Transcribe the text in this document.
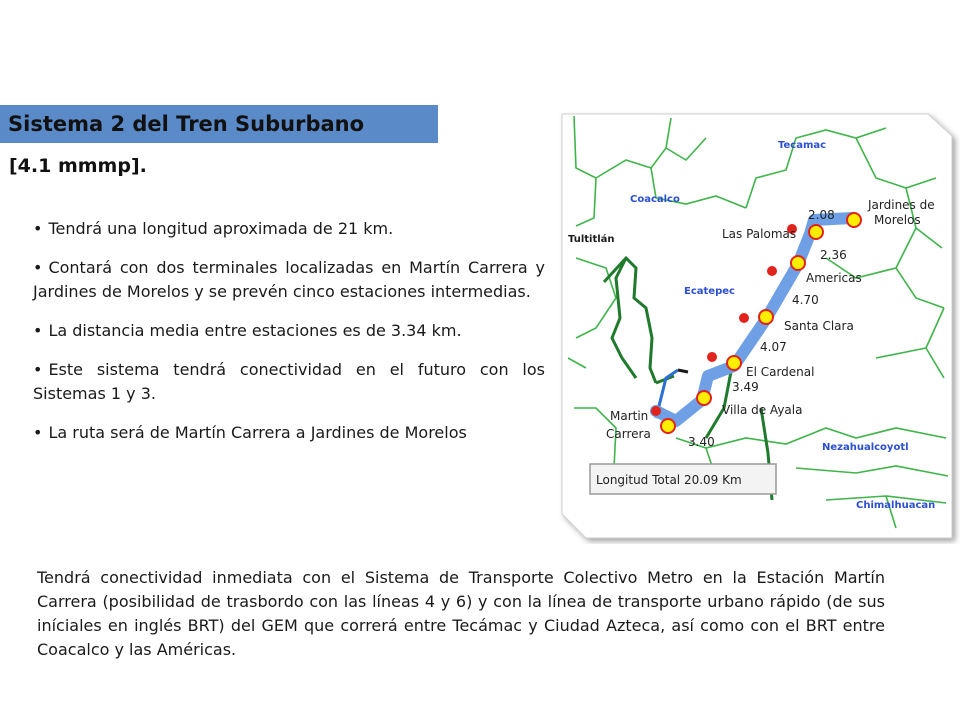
Sistema 2 del Tren Suburbano
[4.1 mmmp].

• Tendrá una longitud aproximada de 21 km.

• Contará con dos terminales localizadas en Martín Carrera y Jardines de Morelos y se prevén cinco estaciones intermedias.

• La distancia media entre estaciones es de 3.34 km.

• Este sistema tendrá conectividad en el futuro con los Sistemas 1 y 3.

• La ruta será de Martín Carrera a Jardines de Morelos

Tecamac
Coacalco
Tultitlán
Ecatepec
Nezahualcoyotl
Chimalhuacan
Jardines de
Morelos
Las Palomas
Americas
Santa Clara
El Cardenal
Villa de Ayala
Martin
Carrera
2.08
2.36
4.70
4.07
3.49
3.40
Longitud Total 20.09 Km
Tendrá conectividad inmediata con el Sistema de Transporte Colectivo Metro en la Estación Martín Carrera (posibilidad de trasbordo con las líneas 4 y 6) y con la línea de transporte urbano rápido (de sus iníciales en inglés BRT) del GEM que correrá entre Tecámac y Ciudad Azteca, así como con el BRT entre Coacalco y las Américas.
